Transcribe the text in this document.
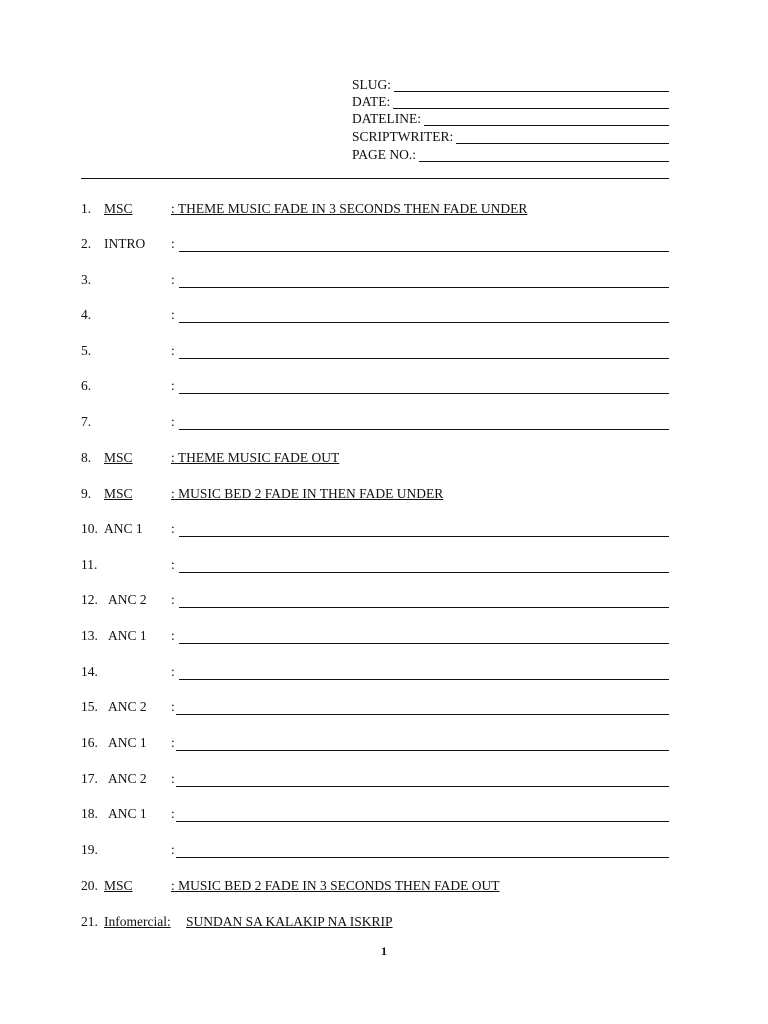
SLUG:
DATE:
DATELINE:
SCRIPTWRITER:
PAGE NO.:
1. MSC	: THEME MUSIC FADE IN 3 SECONDS THEN FADE UNDER
2. INTRO :
3.	:
4.	:
5.	:
6.	:
7.	:
8. MSC	: THEME MUSIC FADE OUT
9. MSC	: MUSIC BED 2 FADE IN THEN FADE UNDER
10. ANC 1 :
11.	:
12. ANC 2 :
13. ANC 1 :
14.	:
15. ANC 2 :
16. ANC 1 :
17. ANC 2 :
18. ANC 1 :
19.	:
20. MSC	: MUSIC BED 2 FADE IN 3 SECONDS THEN FADE OUT
21. Infomercial: SUNDAN SA KALAKIP NA ISKRIP
1
